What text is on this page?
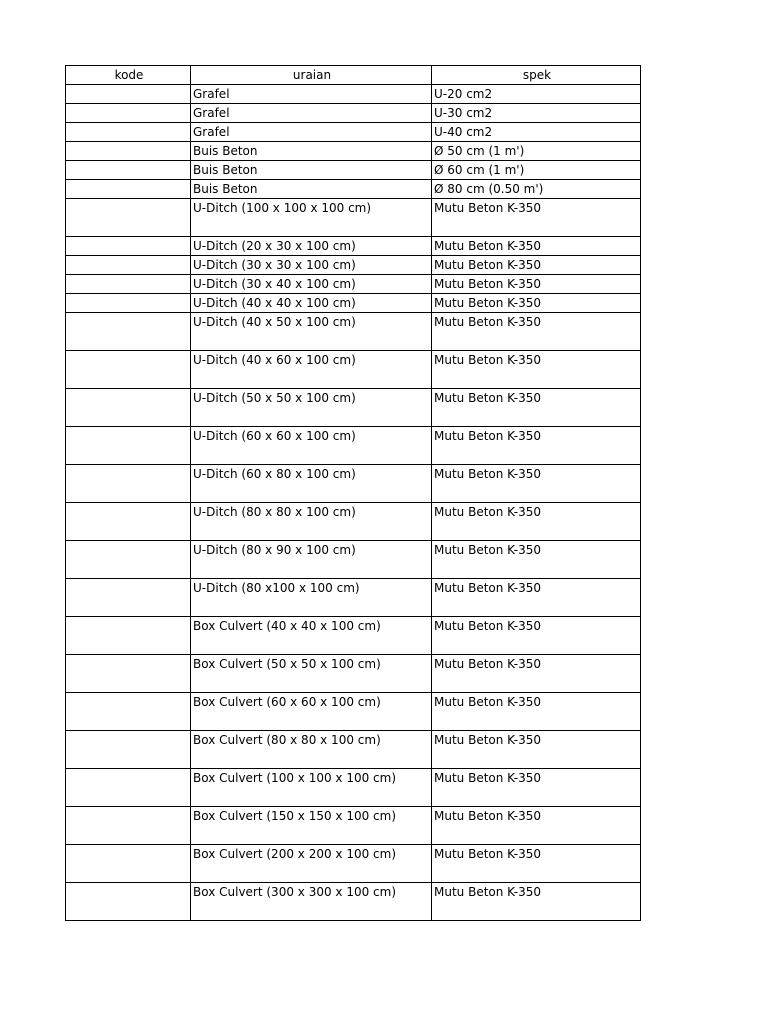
kode	uraian	spek
	Grafel	U-20 cm2
	Grafel	U-30 cm2
	Grafel	U-40 cm2
	Buis Beton	Ø 50 cm (1 m')
	Buis Beton	Ø 60 cm (1 m')
	Buis Beton	Ø 80 cm (0.50 m')
	U-Ditch (100 x 100 x 100 cm)	Mutu Beton K-350
	U-Ditch (20 x 30 x 100 cm)	Mutu Beton K-350
	U-Ditch (30 x 30 x 100 cm)	Mutu Beton K-350
	U-Ditch (30 x 40 x 100 cm)	Mutu Beton K-350
	U-Ditch (40 x 40 x 100 cm)	Mutu Beton K-350
	U-Ditch (40 x 50 x 100 cm)	Mutu Beton K-350
	U-Ditch (40 x 60 x 100 cm)	Mutu Beton K-350
	U-Ditch (50 x 50 x 100 cm)	Mutu Beton K-350
	U-Ditch (60 x 60 x 100 cm)	Mutu Beton K-350
	U-Ditch (60 x 80 x 100 cm)	Mutu Beton K-350
	U-Ditch (80 x 80 x 100 cm)	Mutu Beton K-350
	U-Ditch (80 x 90 x 100 cm)	Mutu Beton K-350
	U-Ditch (80 x100 x 100 cm)	Mutu Beton K-350
	Box Culvert (40 x 40 x 100 cm)	Mutu Beton K-350
	Box Culvert (50 x 50 x 100 cm)	Mutu Beton K-350
	Box Culvert (60 x 60 x 100 cm)	Mutu Beton K-350
	Box Culvert (80 x 80 x 100 cm)	Mutu Beton K-350
	Box Culvert (100 x 100 x 100 cm)	Mutu Beton K-350
	Box Culvert (150 x 150 x 100 cm)	Mutu Beton K-350
	Box Culvert (200 x 200 x 100 cm)	Mutu Beton K-350
	Box Culvert (300 x 300 x 100 cm)	Mutu Beton K-350
